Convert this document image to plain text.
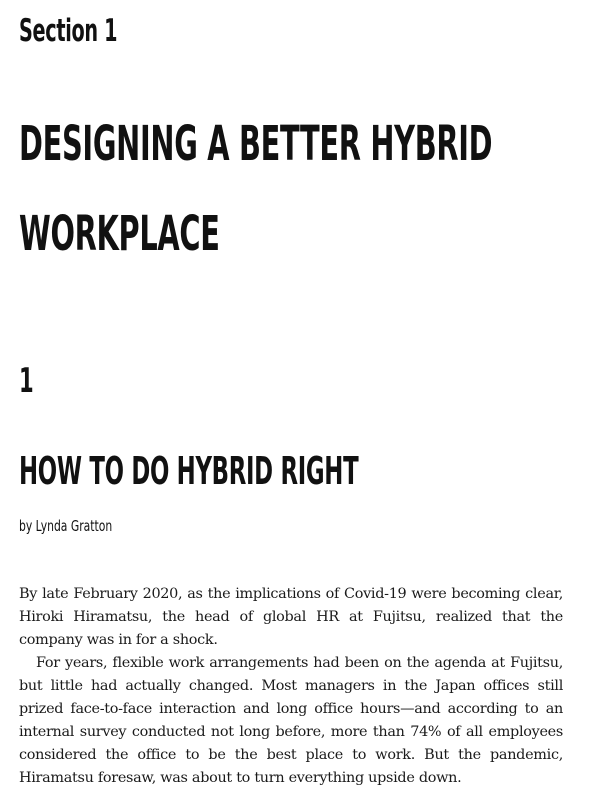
Section 1
DESIGNING A BETTER HYBRID
WORKPLACE
1
HOW TO DO HYBRID RIGHT
by Lynda Gratton

By late February 2020, as the implications of Covid-19 were becoming clear, Hiroki Hiramatsu, the head of global HR at Fujitsu, realized that the company was in for a shock.

For years, flexible work arrangements had been on the agenda at Fujitsu, but little had actually changed. Most managers in the Japan offices still prized face-to-face interaction and long office hours—and according to an internal survey conducted not long before, more than 74% of all employees considered the office to be the best place to work. But the pandemic, Hiramatsu foresaw, was about to turn everything upside down.
